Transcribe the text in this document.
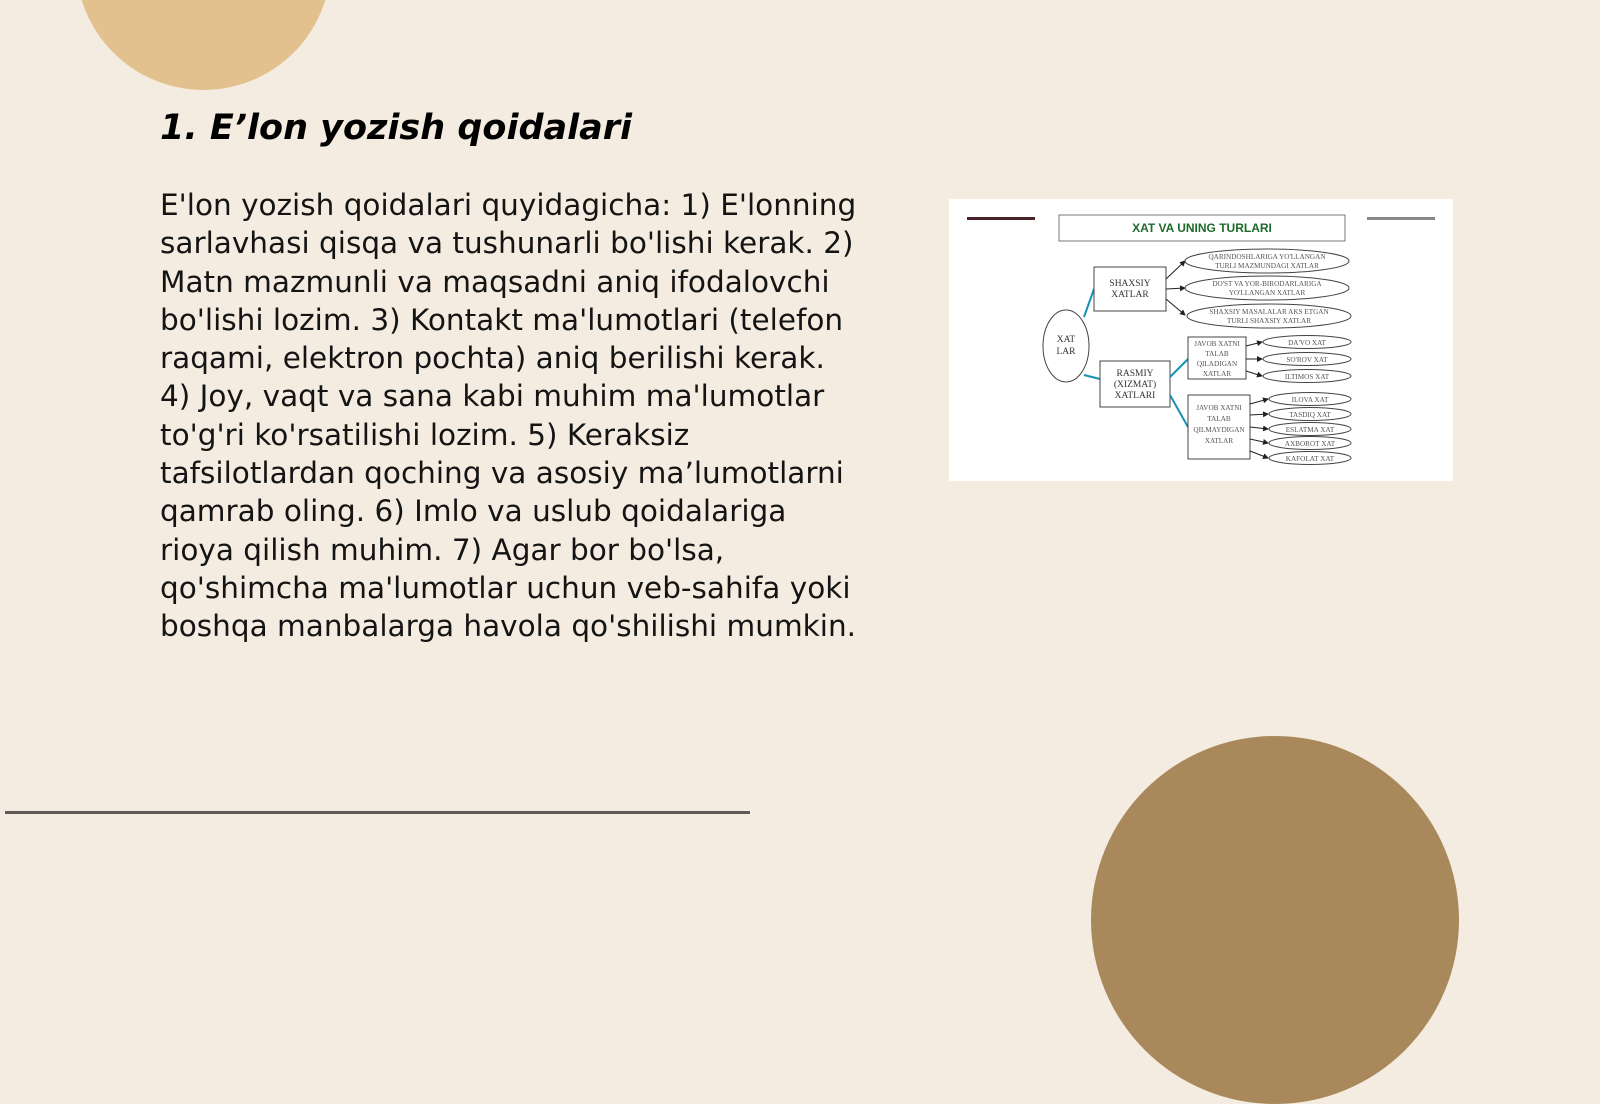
1. E’lon yozish qoidalari

E'lon yozish qoidalari quyidagicha: 1) E'lonning sarlavhasi qisqa va tushunarli bo'lishi kerak. 2) Matn mazmunli va maqsadni aniq ifodalovchi bo'lishi lozim. 3) Kontakt ma'lumotlari (telefon raqami, elektron pochta) aniq berilishi kerak. 4) Joy, vaqt va sana kabi muhim ma'lumotlar to'g'ri ko'rsatilishi lozim. 5) Keraksiz tafsilotlardan qoching va asosiy ma’lumotlarni qamrab oling. 6) Imlo va uslub qoidalariga rioya qilish muhim. 7) Agar bor bo'lsa, qo'shimcha ma'lumotlar uchun veb-sahifa yoki boshqa manbalarga havola qo'shilishi mumkin.

XAT VA UNING TURLARI
XAT
LAR
SHAXSIY
XATLAR
QARINDOSHLARIGA YO'LLANGAN
TURLI MAZMUNDAGI XATLAR
DO'ST VA YOR-BIRODARLARIGA
YO'LLANGAN XATLAR
SHAXSIY MASALALAR AKS ETGAN
TURLI SHAXSIY XATLAR
RASMIY
(XIZMAT)
XATLARI
JAVOB XATNI
TALAB
QILADIGAN
XATLAR
DA'VO XAT
SO'ROV XAT
ILTIMOS XAT
JAVOB XATNI
TALAB
QILMAYDIGAN
XATLAR
ILOVA XAT
TASDIQ XAT
ESLATMA XAT
AXBOROT XAT
KAFOLAT XAT
